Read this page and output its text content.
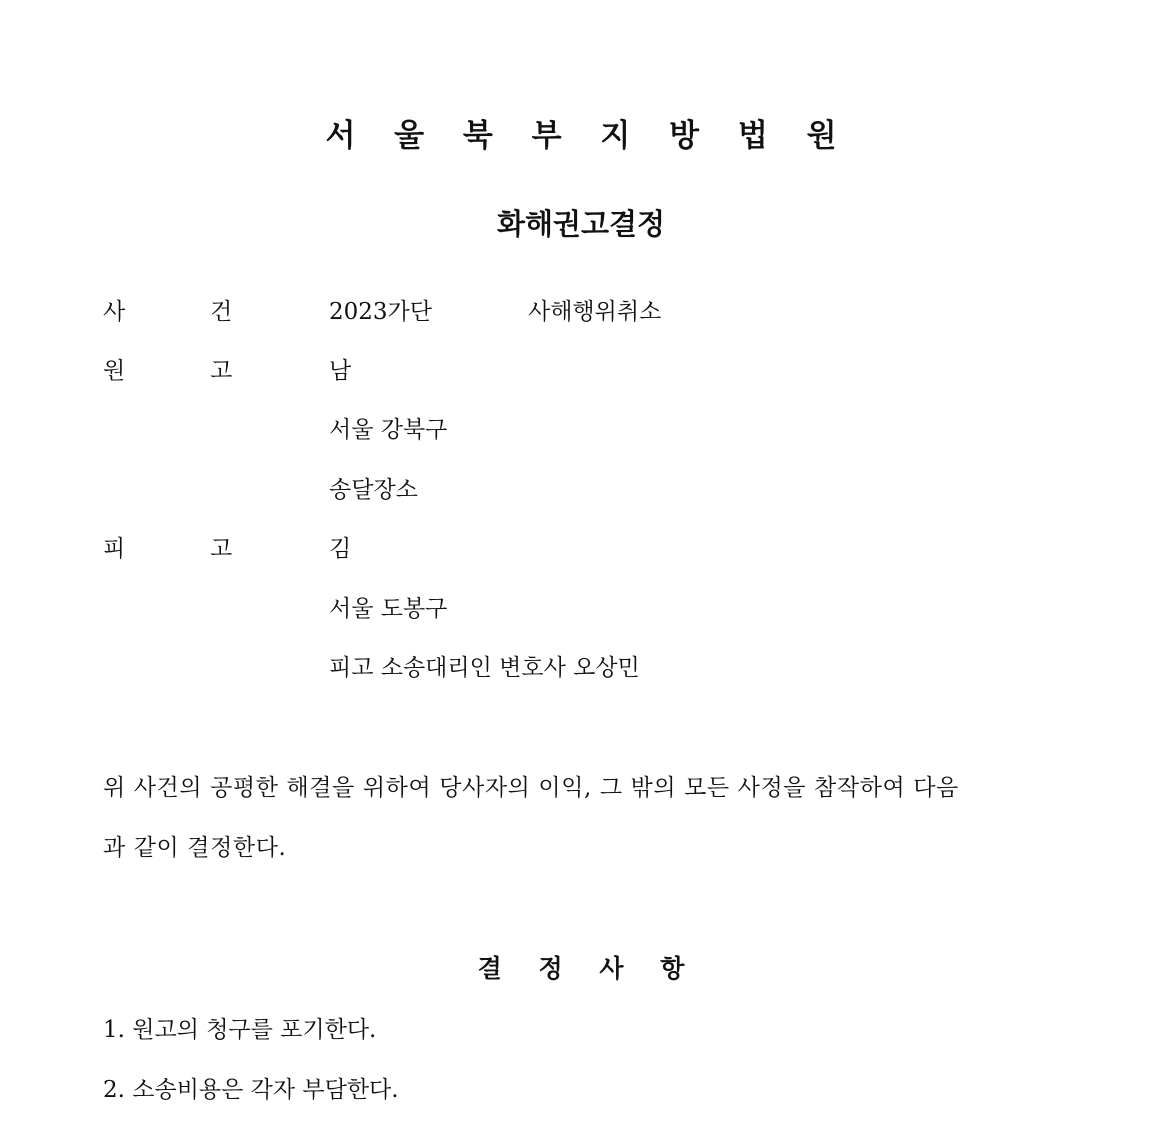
서 울 북 부 지 방 법 원
화해권고결정
사	건	2023가단	사해행위취소
원	고	남
서울 강북구
송달장소
피	고	김
서울 도봉구
피고 소송대리인 변호사 오상민
위 사건의 공평한 해결을 위하여 당사자의 이익, 그 밖의 모든 사정을 참작하여 다음
과 같이 결정한다.
결 정 사 항
1. 원고의 청구를 포기한다.
2. 소송비용은 각자 부담한다.
